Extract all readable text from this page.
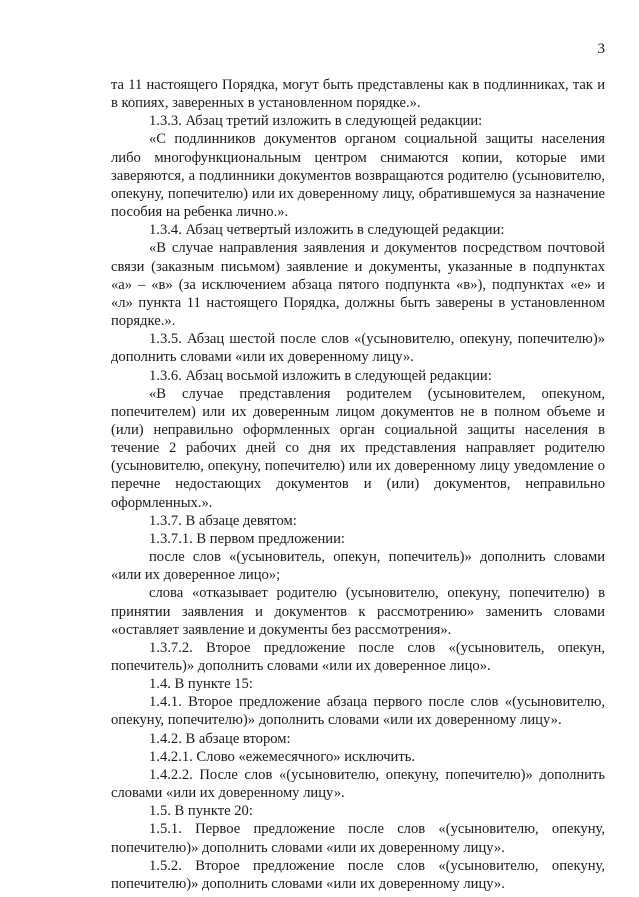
3

та 11 настоящего Порядка, могут быть представлены как в подлинниках, так и в копиях, заверенных в установленном порядке.».

1.3.3. Абзац третий изложить в следующей редакции:

«С подлинников документов органом социальной защиты населения либо многофункциональным центром снимаются копии, которые ими заверяются, а подлинники документов возвращаются родителю (усыновителю, опекуну, попечителю) или их доверенному лицу, обратившемуся за назначение пособия на ребенка лично.».

1.3.4. Абзац четвертый изложить в следующей редакции:

«В случае направления заявления и документов посредством почтовой связи (заказным письмом) заявление и документы, указанные в подпунктах «а» – «в» (за исключением абзаца пятого подпункта «в»), подпунктах «е» и «л» пункта 11 настоящего Порядка, должны быть заверены в установленном порядке.».

1.3.5. Абзац шестой после слов «(усыновителю, опекуну, попечителю)» дополнить словами «или их доверенному лицу».

1.3.6. Абзац восьмой изложить в следующей редакции:

«В случае представления родителем (усыновителем, опекуном, попечителем) или их доверенным лицом документов не в полном объеме и (или) неправильно оформленных орган социальной защиты населения в течение 2 рабочих дней со дня их представления направляет родителю (усыновителю, опекуну, попечителю) или их доверенному лицу уведомление о перечне недостающих документов и (или) документов, неправильно оформленных.».

1.3.7. В абзаце девятом:

1.3.7.1. В первом предложении:

после слов «(усыновитель, опекун, попечитель)» дополнить словами «или их доверенное лицо»;

слова «отказывает родителю (усыновителю, опекуну, попечителю) в принятии заявления и документов к рассмотрению» заменить словами «оставляет заявление и документы без рассмотрения».

1.3.7.2. Второе предложение после слов «(усыновитель, опекун, попечитель)» дополнить словами «или их доверенное лицо».

1.4. В пункте 15:

1.4.1. Второе предложение абзаца первого после слов «(усыновителю, опекуну, попечителю)» дополнить словами «или их доверенному лицу».

1.4.2. В абзаце втором:

1.4.2.1. Слово «ежемесячного» исключить.

1.4.2.2. После слов «(усыновителю, опекуну, попечителю)» дополнить словами «или их доверенному лицу».

1.5. В пункте 20:

1.5.1. Первое предложение после слов «(усыновителю, опекуну, попечителю)» дополнить словами «или их доверенному лицу».

1.5.2. Второе предложение после слов «(усыновителю, опекуну, попечителю)» дополнить словами «или их доверенному лицу».
